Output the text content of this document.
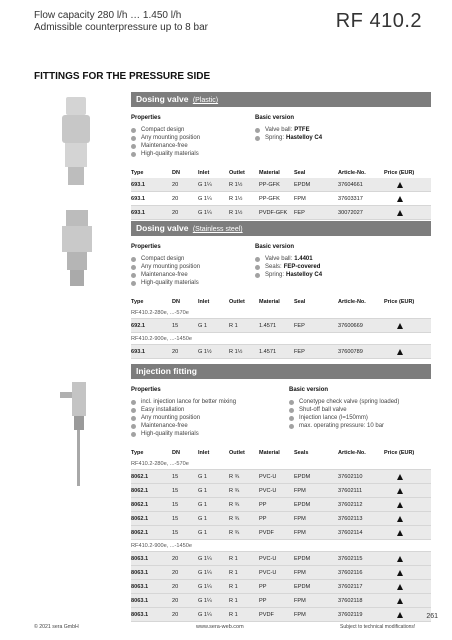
Flow capacity 280 l/h … 1.450 l/h
Admissible counterpressure up to 8 bar	RF 410.2
FITTINGS FOR THE PRESSURE SIDE
Dosing valve (Plastic)
Properties
Compact design
Any mounting position
Maintenance-free
High-quality materials
Basic version
Valve ball: PTFE
Spring: Hastelloy C4
Type	DN	Inlet	Outlet	Material	Seal	Article-No.	Price (EUR)
693.1	20	G 1¼	R 1½	PP-GFK	EPDM	37604661
693.1	20	G 1¼	R 1½	PP-GFK	FPM	37603317
693.1	20	G 1¼	R 1½	PVDF-GFK FEP	30072027
Dosing valve (Stainless steel)
Properties
Compact design
Any mounting position
Maintenance-free
High-quality materials
Basic version
Valve ball: 1.4401
Seals: FEP-covered
Spring: Hastelloy C4
Type	DN	Inlet	Outlet	Material	Seal	Article-No.	Price (EUR)
RF410.2-280e, ...-570e
692.1	15	G 1	R 1	1.4571	FEP	37600669
RF410.2-900e, ...-1450e
693.1	20	G 1½	R 1½	1.4571	FEP	37600789
Injection fitting
Properties
incl. injection lance for better mixing
Easy installation
Any mounting position
Maintenance-free
High-quality materials
Basic version
Conetype check valve (spring loaded)
Shut-off ball valve
Injection lance (l=150mm)
max. operating pressure: 10 bar
Type	DN	Inlet	Outlet	Material	Seals	Article-No.	Price (EUR)
RF410.2-280e, ...-570e
8062.1	15	G 1	R ¾	PVC-U	EPDM	37602110
8062.1	15	G 1	R ¾	PVC-U	FPM	37602111
8062.1	15	G 1	R ¾	PP	EPDM	37602112
8062.1	15	G 1	R ¾	PP	FPM	37602113
8062.1	15	G 1	R ¾	PVDF	FPM	37602114
RF410.2-900e, ...-1450e
8063.1	20	G 1¼	R 1	PVC-U	EPDM	37602115
8063.1	20	G 1¼	R 1	PVC-U	FPM	37602116
8063.1	20	G 1¼	R 1	PP	EPDM	37602117
8063.1	20	G 1¼	R 1	PP	FPM	37602118
8063.1	20	G 1¼	R 1	PVDF	FPM	37602119
© 2021 sera GmbH	www.sera-web.com	Subject to technical modifications!
261
